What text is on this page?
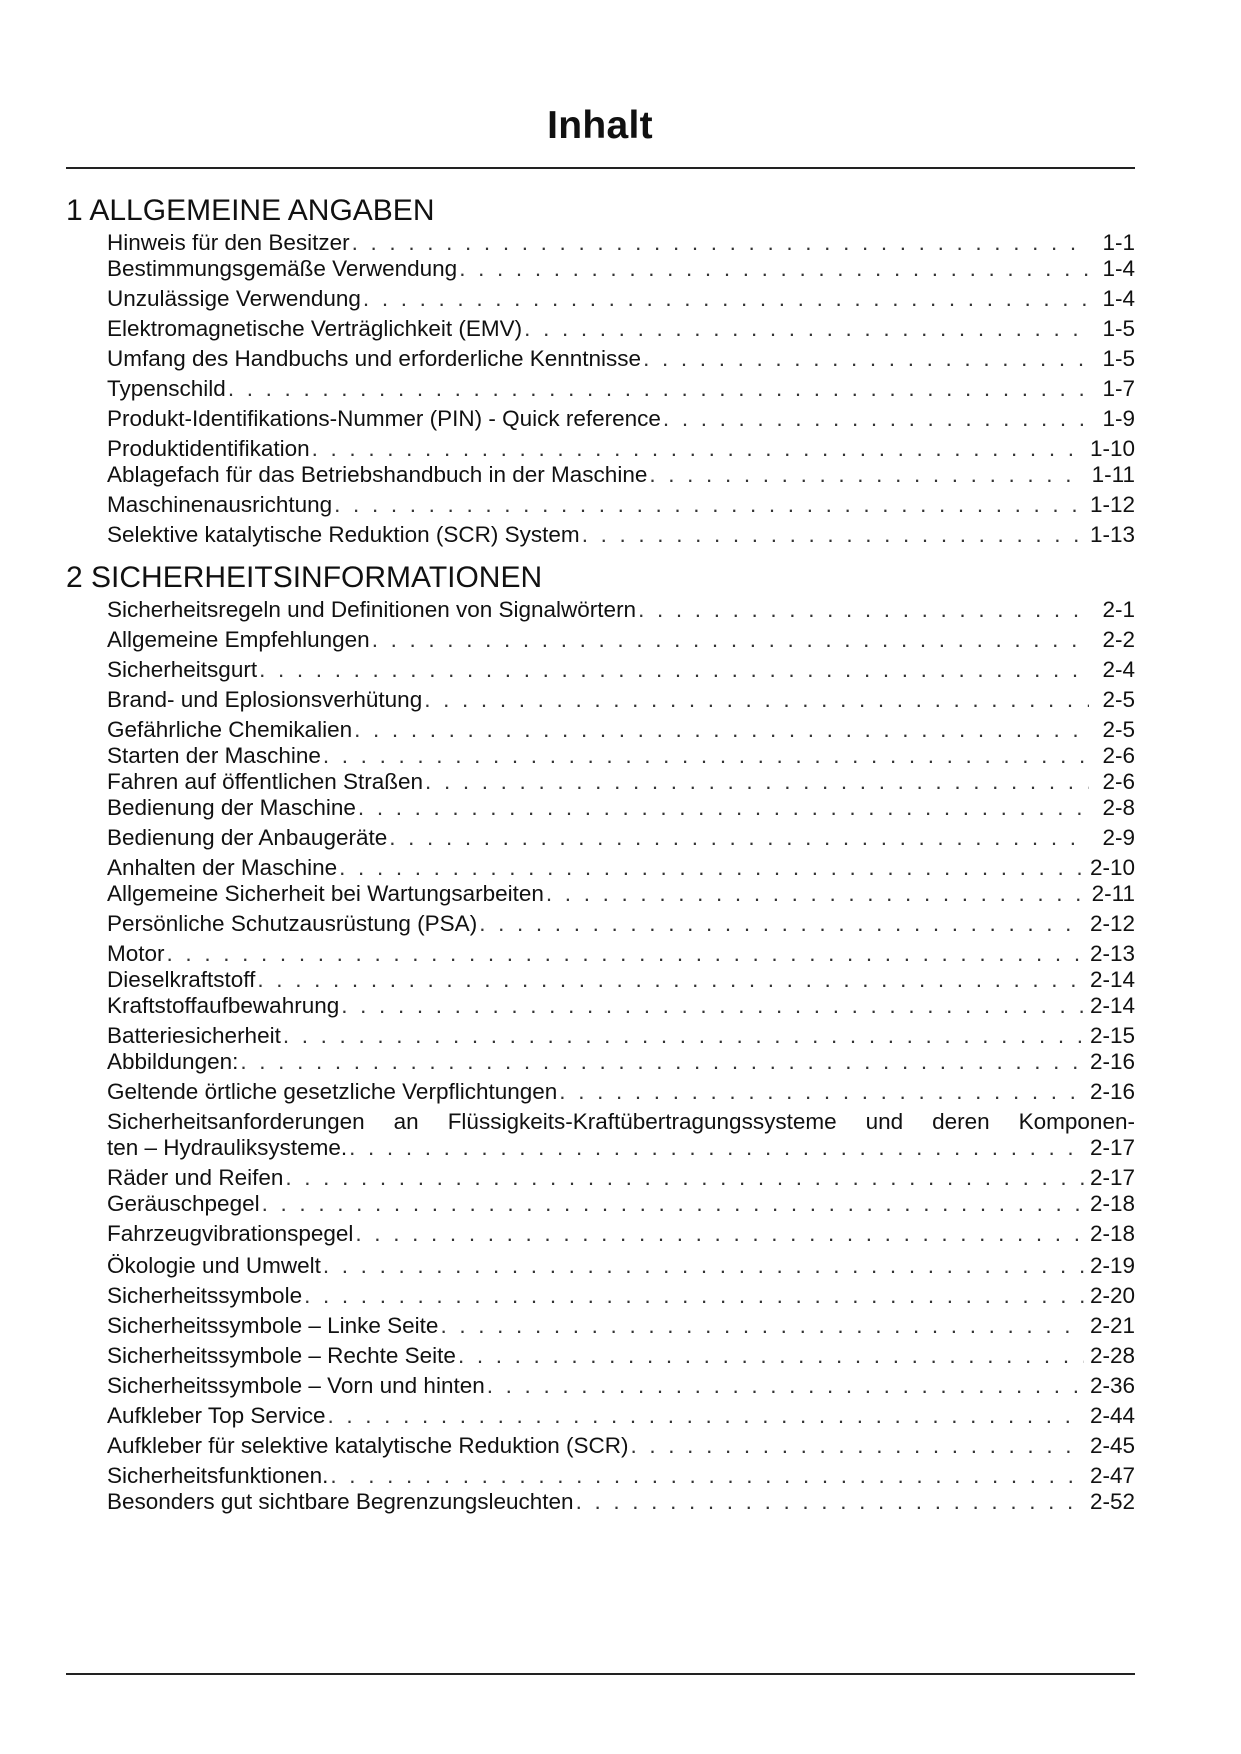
Inhalt
1 ALLGEMEINE ANGABEN
Hinweis für den Besitzer . . .	1-1
Bestimmungsgemäße Verwendung . . .	1-4
Unzulässige Verwendung . . .	1-4
Elektromagnetische Verträglichkeit (EMV) . . .	1-5
Umfang des Handbuchs und erforderliche Kenntnisse . . .	1-5
Typenschild . . .	1-7
Produkt-Identifikations-Nummer (PIN) - Quick reference . . .	1-9
Produktidentifikation . . .	1-10
Ablagefach für das Betriebshandbuch in der Maschine . . .	1-11
Maschinenausrichtung . . .	1-12
Selektive katalytische Reduktion (SCR) System . . .	1-13
2 SICHERHEITSINFORMATIONEN
Sicherheitsregeln und Definitionen von Signalwörtern . . .	2-1
Allgemeine Empfehlungen . . .	2-2
Sicherheitsgurt . . .	2-4
Brand- und Eplosionsverhütung . . .	2-5
Gefährliche Chemikalien . . .	2-5
Starten der Maschine . . .	2-6
Fahren auf öffentlichen Straßen . . .	2-6
Bedienung der Maschine . . .	2-8
Bedienung der Anbaugeräte . . .	2-9
Anhalten der Maschine . . .	2-10
Allgemeine Sicherheit bei Wartungsarbeiten . . .	2-11
Persönliche Schutzausrüstung (PSA) . . .	2-12
Motor . . .	2-13
Dieselkraftstoff . . .	2-14
Kraftstoffaufbewahrung . . .	2-14
Batteriesicherheit . . .	2-15
Abbildungen: . . .	2-16
Geltende örtliche gesetzliche Verpflichtungen . . .	2-16
Sicherheitsanforderungen an Flüssigkeits-Kraftübertragungssysteme und deren Komponen-
ten – Hydrauliksysteme. . . .	2-17
Räder und Reifen . . .	2-17
Geräuschpegel . . .	2-18
Fahrzeugvibrationspegel . . .	2-18
Ökologie und Umwelt . . .	2-19
Sicherheitssymbole . . .	2-20
Sicherheitssymbole – Linke Seite . . .	2-21
Sicherheitssymbole – Rechte Seite . . .	2-28
Sicherheitssymbole – Vorn und hinten . . .	2-36
Aufkleber Top Service . . .	2-44
Aufkleber für selektive katalytische Reduktion (SCR) . . .	2-45
Sicherheitsfunktionen. . . .	2-47
Besonders gut sichtbare Begrenzungsleuchten . . .	2-52
